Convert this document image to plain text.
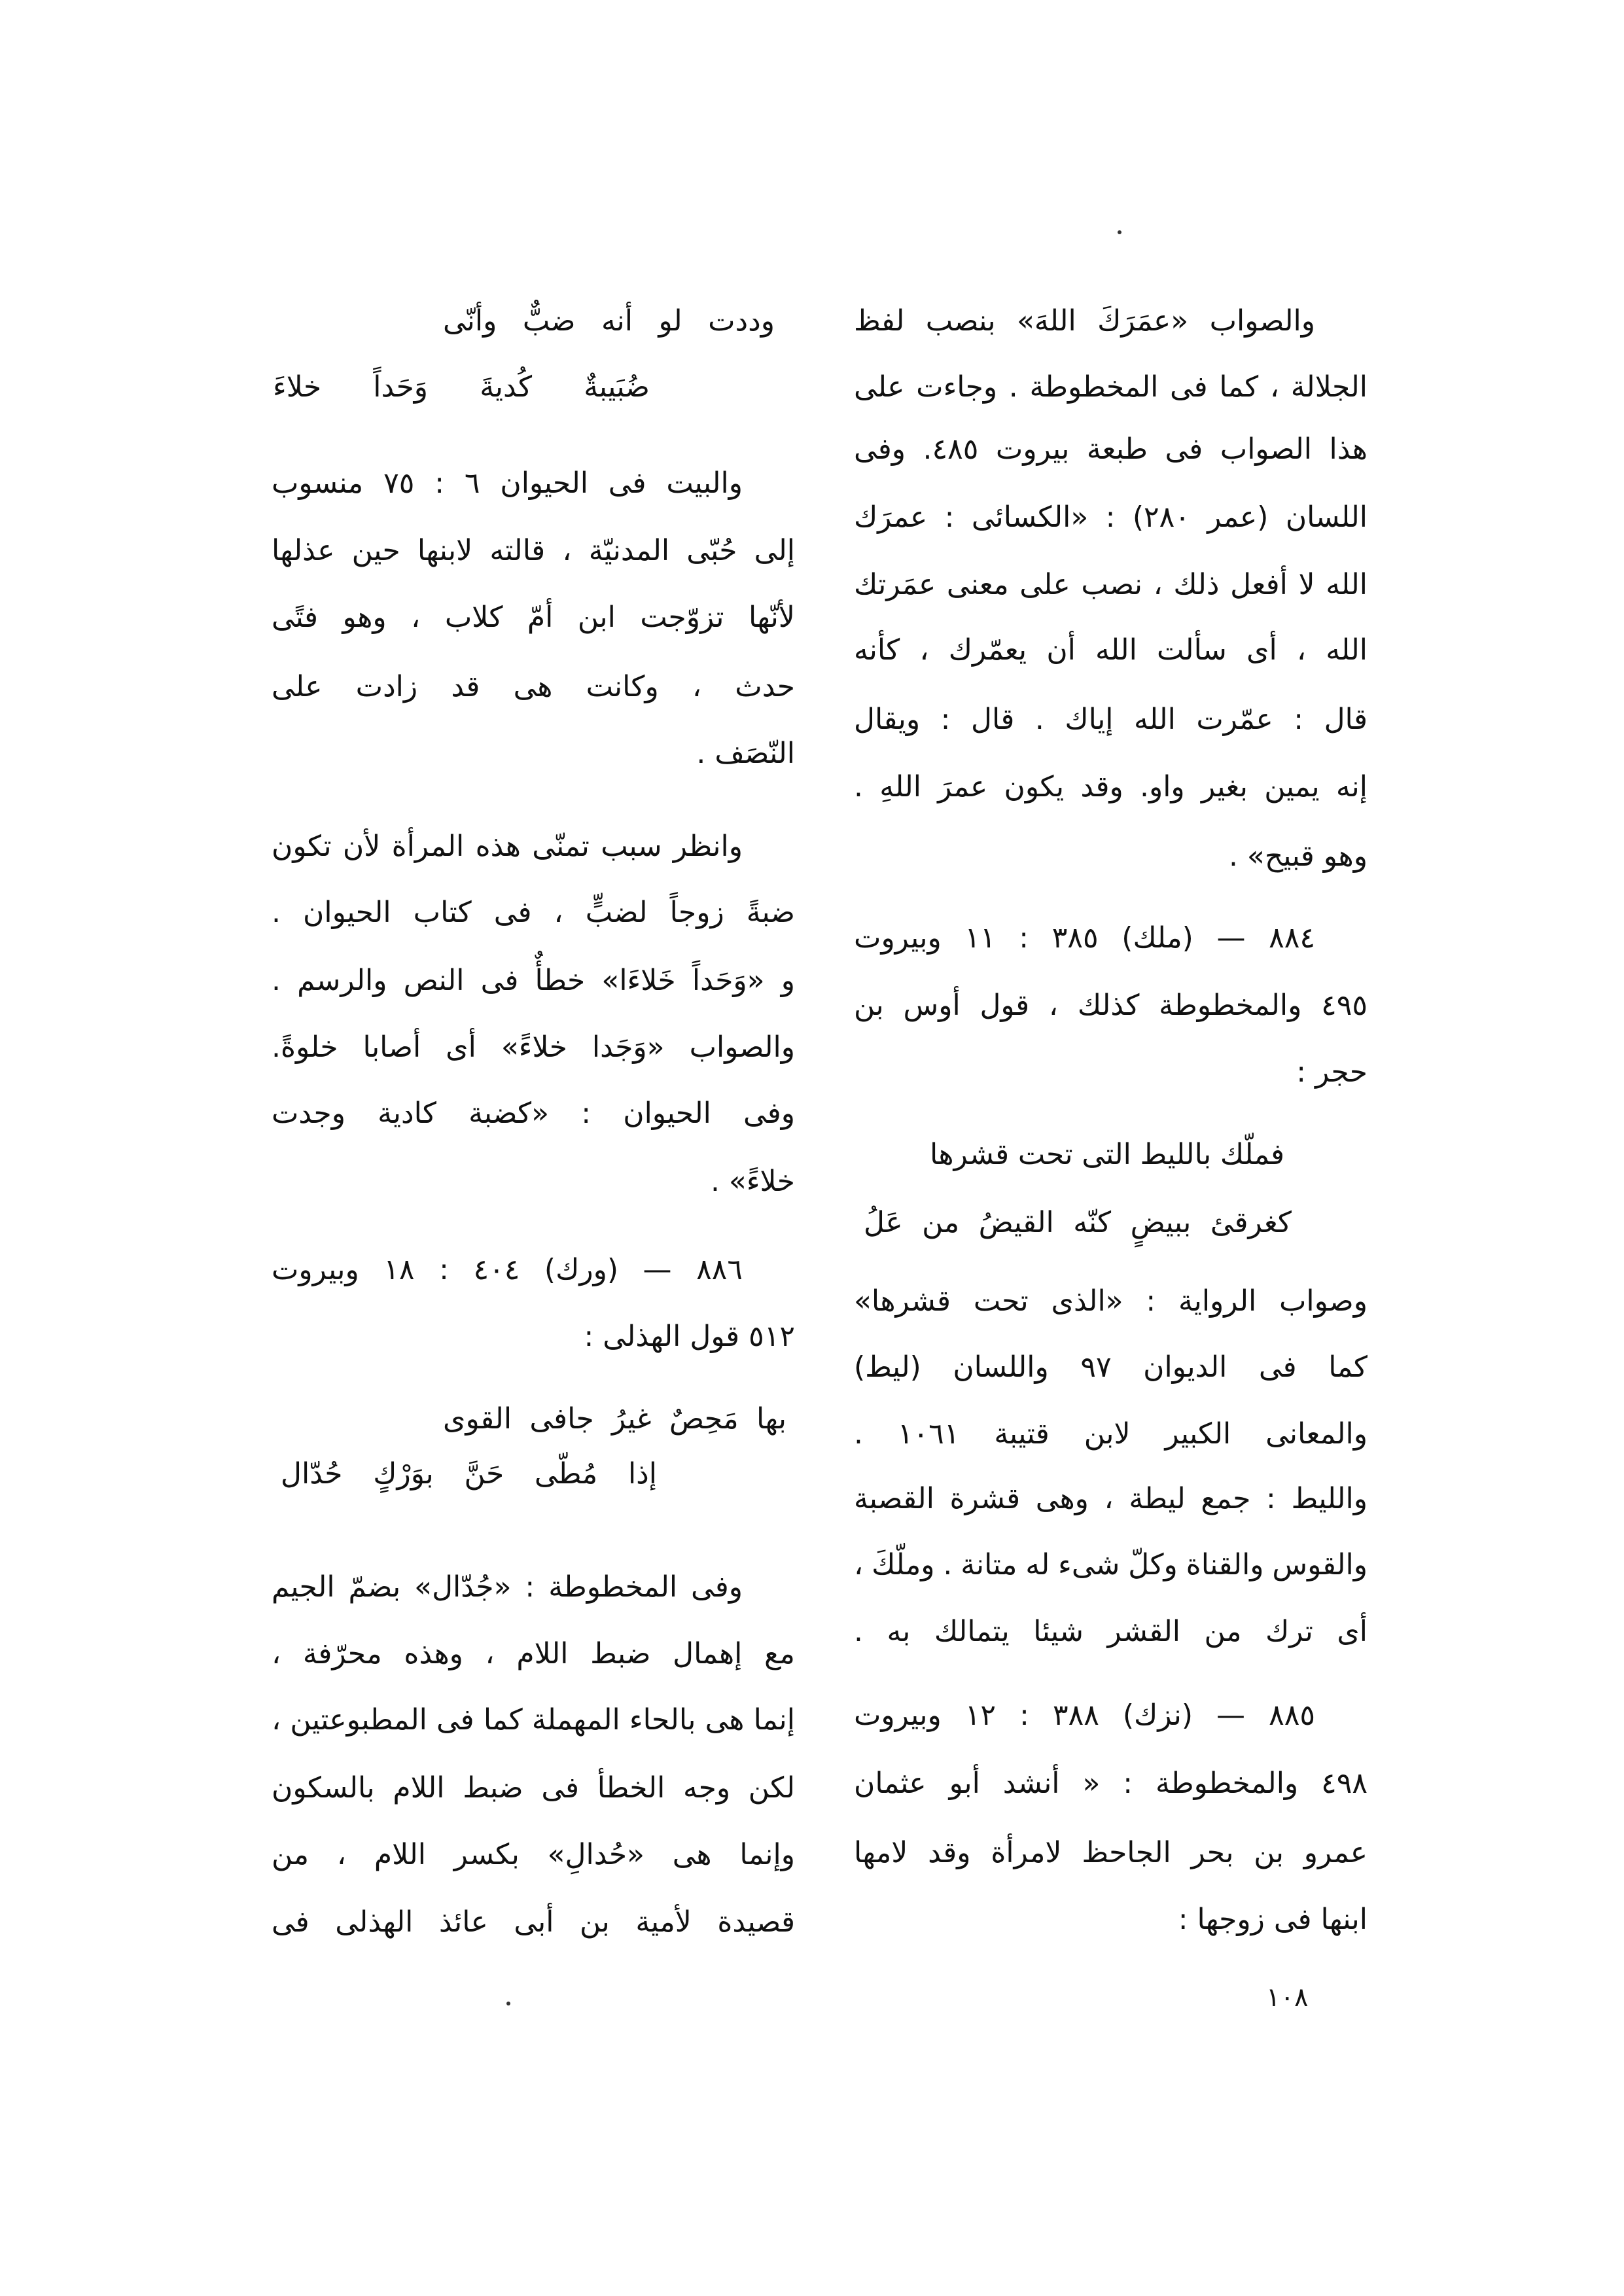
والصواب «عمَرَكَ اللهَ» بنصب لفظ
الجلالة ، كما فى المخطوطة . وجاءت على
هذا الصواب فى طبعة بيروت ٤٨٥. وفى
اللسان (عمر ٢٨٠) : «الكسائى : عمرَك
الله لا أفعل ذلك ، نصب على معنى عمَرتك
الله ، أى سألت الله أن يعمّرك ، كأنه
قال : عمّرت الله إياك . قال : ويقال
إنه يمين بغير واو. وقد يكون عمرَ اللهِ .
وهو قبيح» .
٨٨٤ — (ملك) ٣٨٥ : ١١ وبيروت
٤٩٥ والمخطوطة كذلك ، قول أوس بن
حجر :
فملّك بالليط التى تحت قشرها
كغرقئ ببيضٍ كنّه القيضُ من عَلُ
وصواب الرواية : «الذى تحت قشرها»
كما فى الديوان ٩٧ واللسان (ليط)
والمعانى الكبير لابن قتيبة ١٠٦١ .
والليط : جمع ليطة ، وهى قشرة القصبة
والقوس والقناة وكلّ شىء له متانة . وملّكَ ،
أى ترك من القشر شيئا يتمالك به .
٨٨٥ — (نزك) ٣٨٨ : ١٢ وبيروت
٤٩٨ والمخطوطة : « أنشد أبو عثمان
عمرو بن بحر الجاحظ لامرأة وقد لامها
ابنها فى زوجها :
وددت لو أنه ضبٌّ وأنّى
ضُبَيبةٌ كُديةَ وَحَداً خلاءَ
والبيت فى الحيوان ٦ : ٧٥ منسوب
إلى حُبّى المدنيّة ، قالته لابنها حين عذلها
لأنّها تزوّجت ابن أمّ كلاب ، وهو فتًى
حدث ، وكانت هى قد زادت على
النّصَف .
وانظر سبب تمنّى هذه المرأة لأن تكون
ضبةً زوجاً لضبٍّ ، فى كتاب الحيوان .
و «وَحَداً خَلاءَا» خطأٌ فى النص والرسم .
والصواب «وَجَدا خلاءً» أى أصابا خلوةً.
وفى الحيوان : «كضبة كادية وجدت
خلاءً» .
٨٨٦ — (ورك) ٤٠٤ : ١٨ وبيروت
٥١٢ قول الهذلى :
بها مَحِصٌ غيرُ جافى القوى
إذا مُطّى حَنَّ بوَرْكٍ حُدّال
وفى المخطوطة : «جُدّال» بضمّ الجيم
مع إهمال ضبط اللام ، وهذه محرّفة ،
إنما هى بالحاء المهملة كما فى المطبوعتين ،
لكن وجه الخطأ فى ضبط اللام بالسكون
وإنما هى «حُدالِ» بكسر اللام ، من
قصيدة لأمية بن أبى عائذ الهذلى فى
١٠٨
